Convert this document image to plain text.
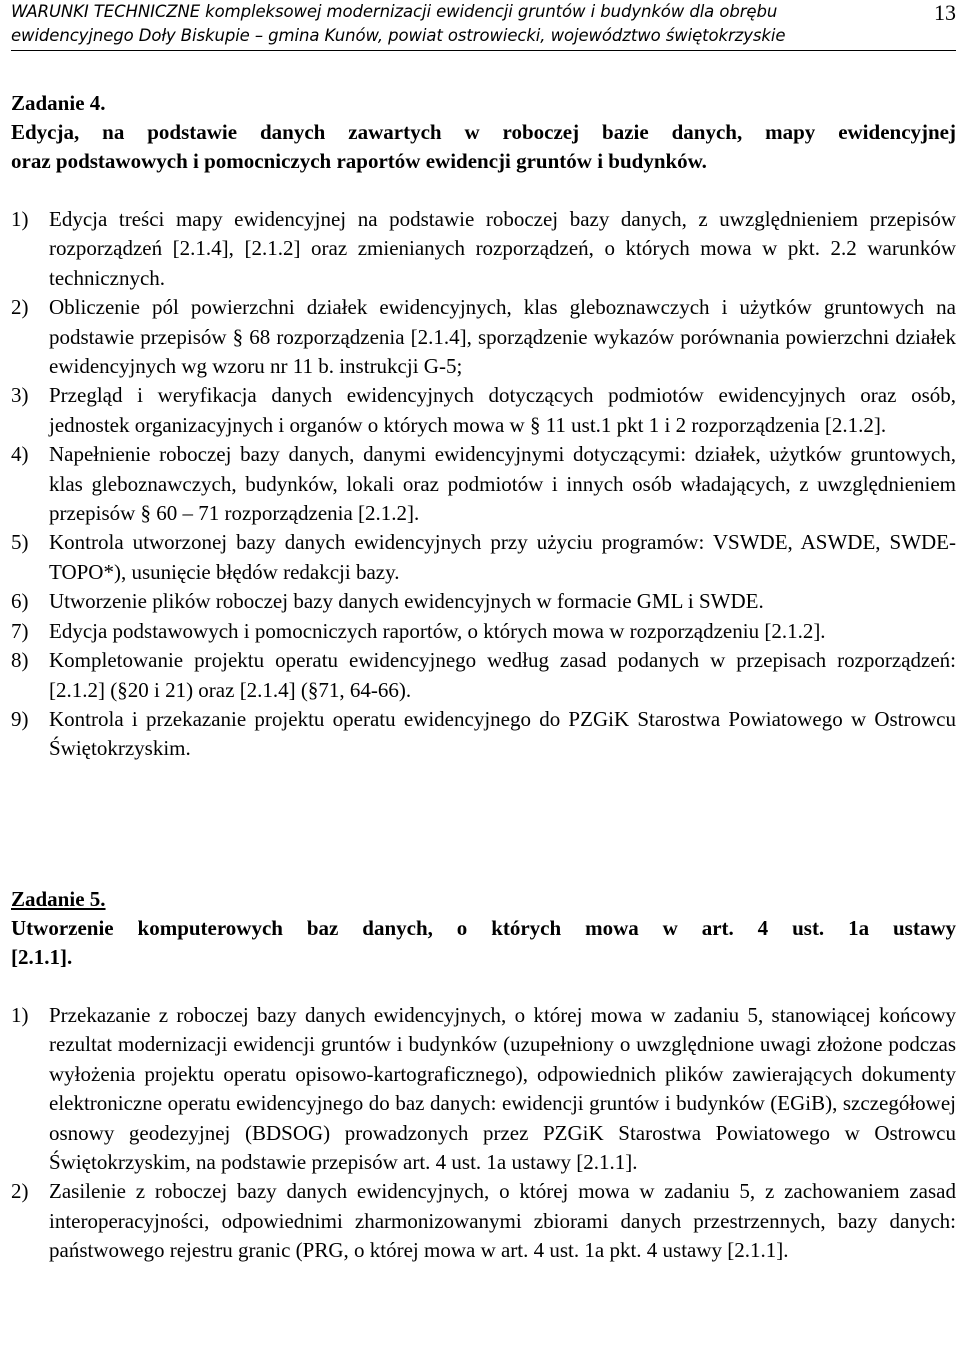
WARUNKI TECHNICZNE kompleksowej modernizacji ewidencji gruntów i budynków dla obrębu
ewidencyjnego Doły Biskupie – gmina Kunów, powiat ostrowiecki, województwo świętokrzyskie
13
Zadanie 4.
Edycja, na podstawie danych zawartych w roboczej bazie danych, mapy ewidencyjnej
oraz podstawowych i pomocniczych raportów ewidencji gruntów i budynków.
1) Edycja treści mapy ewidencyjnej na podstawie roboczej bazy danych, z uwzględnieniem przepisów rozporządzeń [2.1.4], [2.1.2] oraz zmienianych rozporządzeń, o których mowa w pkt. 2.2 warunków technicznych.
2) Obliczenie pól powierzchni działek ewidencyjnych, klas gleboznawczych i użytków gruntowych na podstawie przepisów § 68 rozporządzenia [2.1.4], sporządzenie wykazów porównania powierzchni działek ewidencyjnych wg wzoru nr 11 b. instrukcji G-5;
3) Przegląd i weryfikacja danych ewidencyjnych dotyczących podmiotów ewidencyjnych oraz osób, jednostek organizacyjnych i organów o których mowa w § 11 ust.1 pkt 1 i 2 rozporządzenia [2.1.2].
4) Napełnienie roboczej bazy danych, danymi ewidencyjnymi dotyczącymi: działek, użytków gruntowych, klas gleboznawczych, budynków, lokali oraz podmiotów i innych osób władających, z uwzględnieniem przepisów § 60 – 71 rozporządzenia [2.1.2].
5) Kontrola utworzonej bazy danych ewidencyjnych przy użyciu programów: VSWDE, ASWDE, SWDE-TOPO*), usunięcie błędów redakcji bazy.
6) Utworzenie plików roboczej bazy danych ewidencyjnych w formacie GML i SWDE.
7) Edycja podstawowych i pomocniczych raportów, o których mowa w rozporządzeniu [2.1.2].
8) Kompletowanie projektu operatu ewidencyjnego według zasad podanych w przepisach rozporządzeń: [2.1.2] (§20 i 21) oraz [2.1.4] (§71, 64-66).
9) Kontrola i przekazanie projektu operatu ewidencyjnego do PZGiK Starostwa Powiatowego w Ostrowcu Świętokrzyskim.
Zadanie 5.
Utworzenie komputerowych baz danych, o których mowa w art. 4 ust. 1a ustawy
[2.1.1].
1) Przekazanie z roboczej bazy danych ewidencyjnych, o której mowa w zadaniu 5, stanowiącej końcowy rezultat modernizacji ewidencji gruntów i budynków (uzupełniony o uwzględnione uwagi złożone podczas wyłożenia projektu operatu opisowo-kartograficznego), odpowiednich plików zawierających dokumenty elektroniczne operatu ewidencyjnego do baz danych: ewidencji gruntów i budynków (EGiB), szczegółowej osnowy geodezyjnej (BDSOG) prowadzonych przez PZGiK Starostwa Powiatowego w Ostrowcu Świętokrzyskim, na podstawie przepisów art. 4 ust. 1a ustawy [2.1.1].
2) Zasilenie z roboczej bazy danych ewidencyjnych, o której mowa w zadaniu 5, z zachowaniem zasad interoperacyjności, odpowiednimi zharmonizowanymi zbiorami danych przestrzennych, bazy danych: państwowego rejestru granic (PRG, o której mowa w art. 4 ust. 1a pkt. 4 ustawy [2.1.1].
